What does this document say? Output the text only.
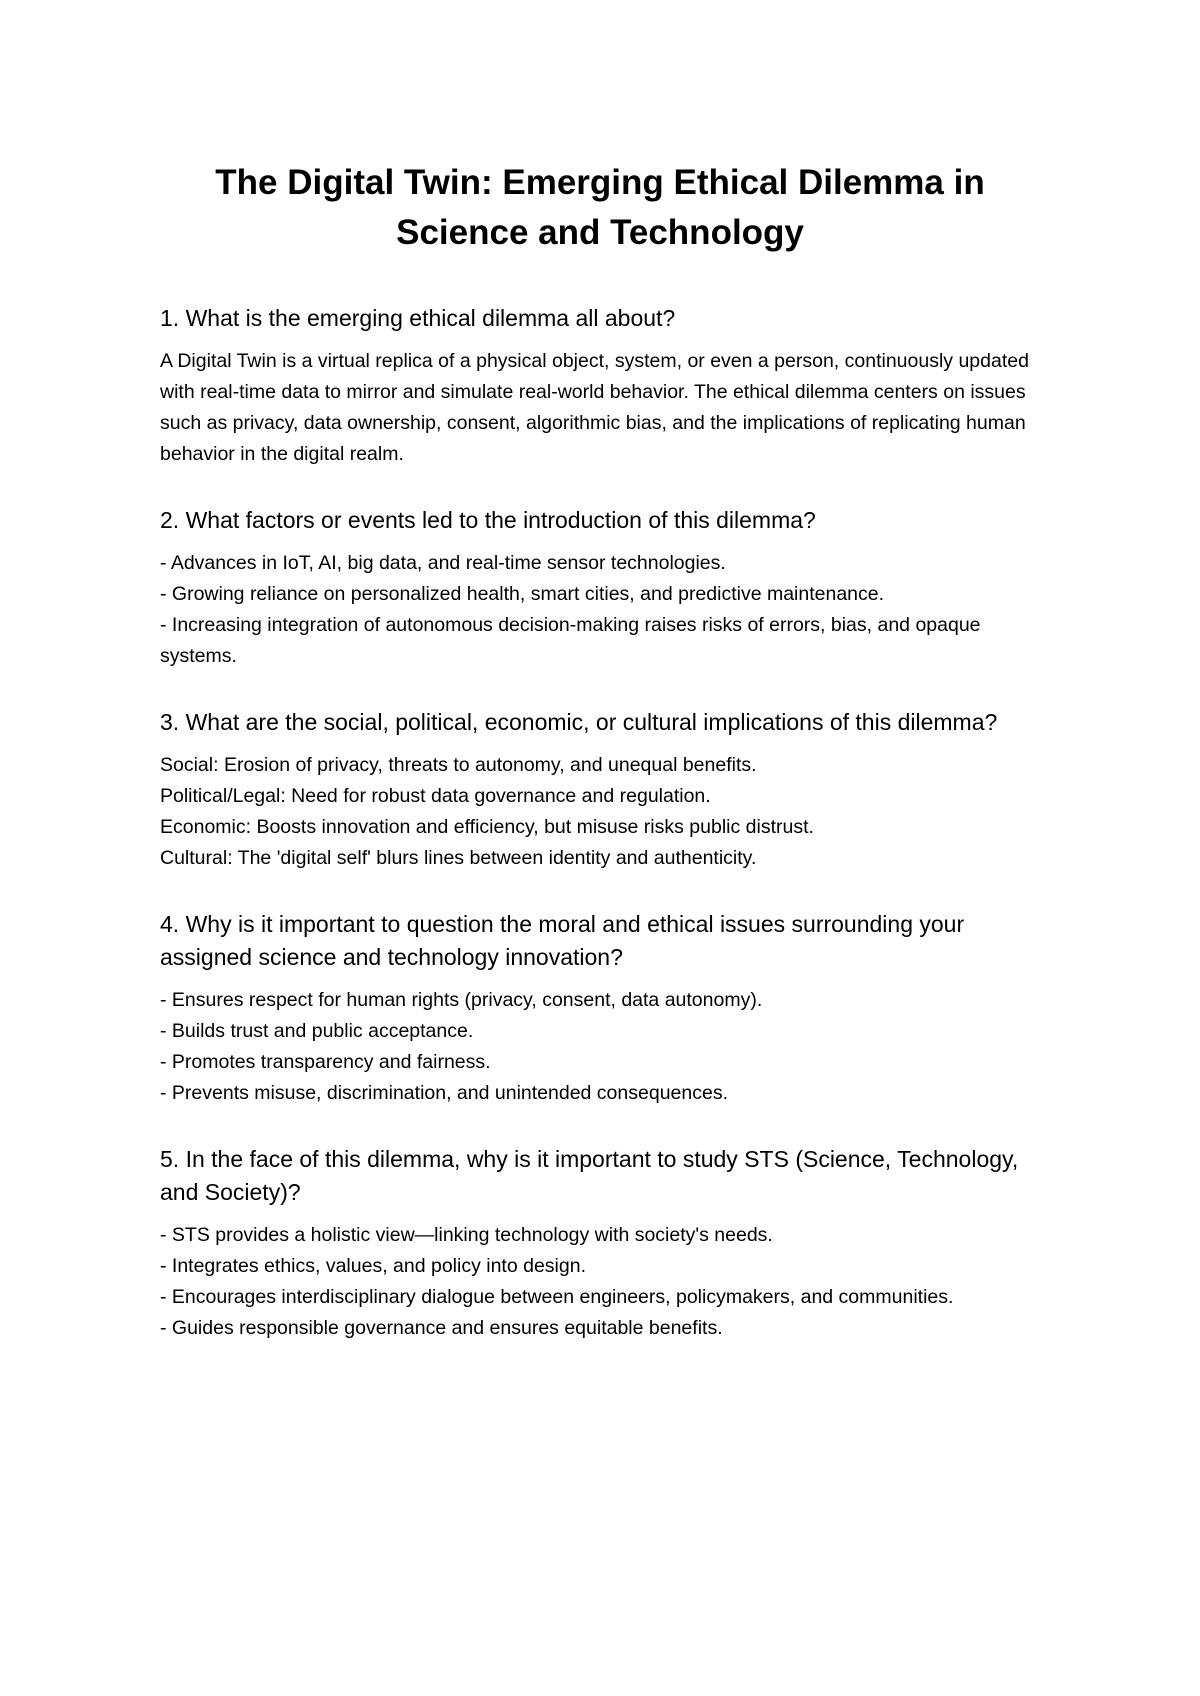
The Digital Twin: Emerging Ethical Dilemma in
Science and Technology

1. What is the emerging ethical dilemma all about?

A Digital Twin is a virtual replica of a physical object, system, or even a person, continuously updated with real-time data to mirror and simulate real-world behavior. The ethical dilemma centers on issues such as privacy, data ownership, consent, algorithmic bias, and the implications of replicating human behavior in the digital realm.

2. What factors or events led to the introduction of this dilemma?

- Advances in IoT, AI, big data, and real-time sensor technologies.

- Growing reliance on personalized health, smart cities, and predictive maintenance.

- Increasing integration of autonomous decision-making raises risks of errors, bias, and opaque systems.

3. What are the social, political, economic, or cultural implications of this dilemma?

Social: Erosion of privacy, threats to autonomy, and unequal benefits.

Political/Legal: Need for robust data governance and regulation.

Economic: Boosts innovation and efficiency, but misuse risks public distrust.

Cultural: The 'digital self' blurs lines between identity and authenticity.

4. Why is it important to question the moral and ethical issues surrounding your assigned science and technology innovation?

- Ensures respect for human rights (privacy, consent, data autonomy).

- Builds trust and public acceptance.

- Promotes transparency and fairness.

- Prevents misuse, discrimination, and unintended consequences.

5. In the face of this dilemma, why is it important to study STS (Science, Technology, and Society)?

- STS provides a holistic view—linking technology with society's needs.

- Integrates ethics, values, and policy into design.

- Encourages interdisciplinary dialogue between engineers, policymakers, and communities.

- Guides responsible governance and ensures equitable benefits.
